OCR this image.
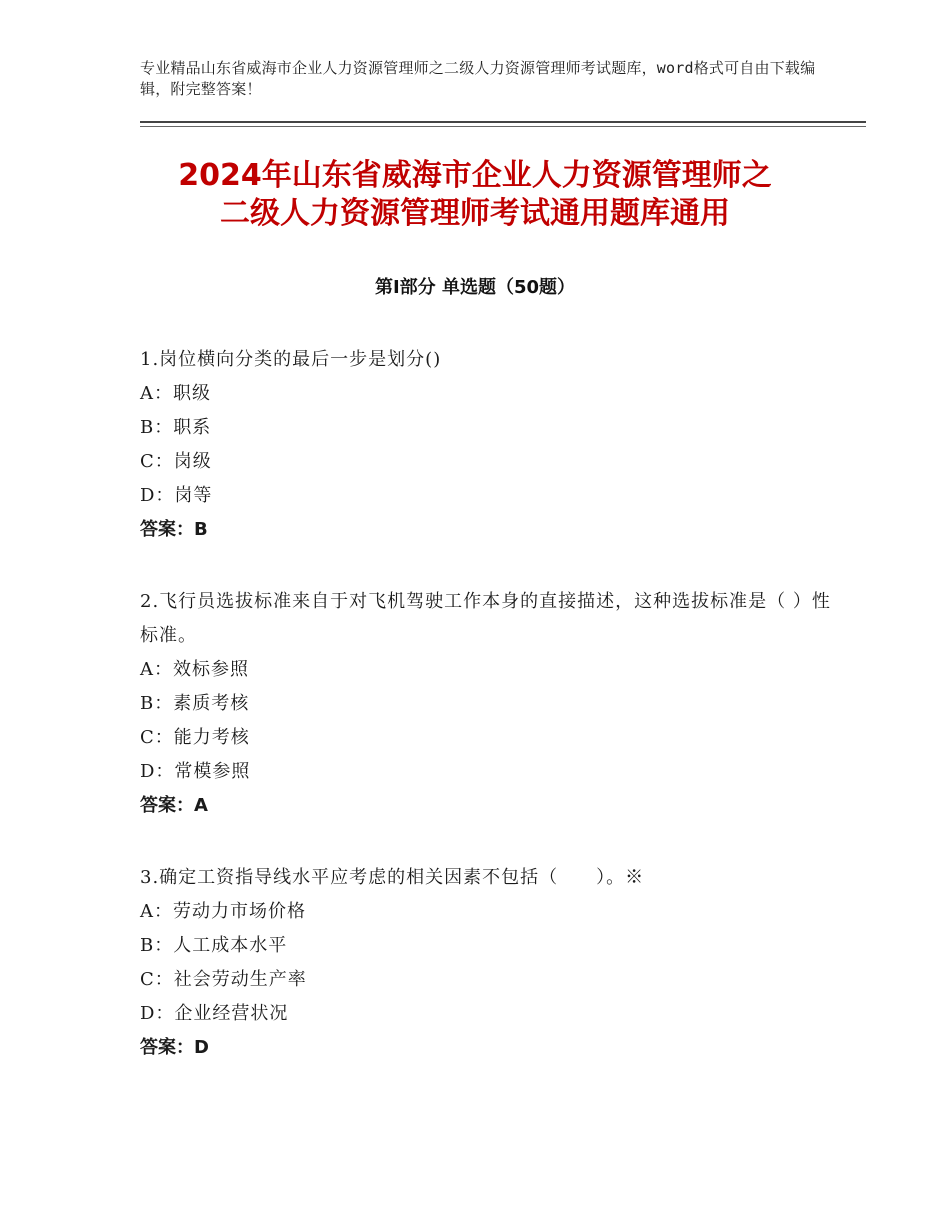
专业精品山东省威海市企业人力资源管理师之二级人力资源管理师考试题库，word格式可自由下载编辑，附完整答案！
2024年山东省威海市企业人力资源管理师之
二级人力资源管理师考试通用题库通用
第Ⅰ部分 单选题（50题）
1.岗位横向分类的最后一步是划分()
A：职级
B：职系
C：岗级
D：岗等
答案：B
2.飞行员选拔标准来自于对飞机驾驶工作本身的直接描述，这种选拔标准是（ ）性标准。
A：效标参照
B：素质考核
C：能力考核
D：常模参照
答案：A
3.确定工资指导线水平应考虑的相关因素不包括（　　）。※
A：劳动力市场价格
B：人工成本水平
C：社会劳动生产率
D：企业经营状况
答案：D
